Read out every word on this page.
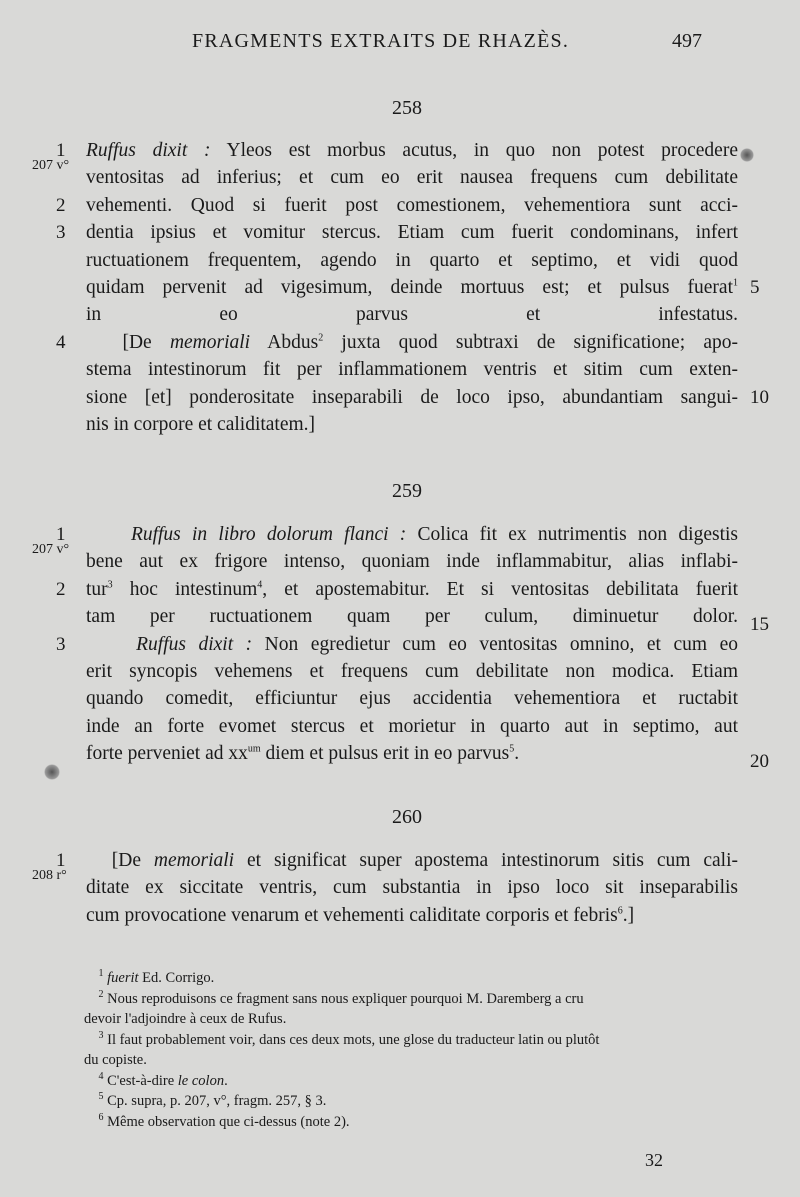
FRAGMENTS EXTRAITS DE RHAZÈS.	497
258
Ruffus dixit : Yleos est morbus acutus, in quo non potest procedere
ventositas ad inferius; et cum eo erit nausea frequens cum debilitate
vehementi. Quod si fuerit post comestionem, vehementiora sunt acci-
dentia ipsius et vomitur stercus. Etiam cum fuerit condominans, infert
ructuationem frequentem, agendo in quarto et septimo, et vidi quod
quidam pervenit ad vigesimum, deinde mortuus est; et pulsus fuerat$^1$
in eo parvus et infestatus.
[De memoriali Abdus$^2$ juxta quod subtraxi de significatione; apo-
stema intestinorum fit per inflammationem ventris et sitim cum exten-
sione [et] ponderositate inseparabili de loco ipso, abundantiam sangui-
nis in corpore et caliditatem.]
1
207 v°
2
3
4
5
10
259
Ruffus in libro dolorum flanci : Colica fit ex nutrimentis non digestis
bene aut ex frigore intenso, quoniam inde inflammabitur, alias inflabi-
tur$^3$ hoc intestinum$^4$, et apostemabitur. Et si ventositas debilitata fuerit
tam per ructuationem quam per culum, diminuetur dolor.
Ruffus dixit : Non egredietur cum eo ventositas omnino, et cum eo
erit syncopis vehemens et frequens cum debilitate non modica. Etiam
quando comedit, efficiuntur ejus accidentia vehementiora et ructabit
inde an forte evomet stercus et morietur in quarto aut in septimo, aut
forte perveniet ad $xx^{um}$ diem et pulsus erit in eo parvus$^5$.
1
207 v°
2
3
15
20
260
[De memoriali et significat super apostema intestinorum sitis cum cali-
ditate ex siccitate ventris, cum substantia in ipso loco sit inseparabilis
cum provocatione venarum et vehementi caliditate corporis et febris$^6$.]
1
208 r°
$^1$ fuerit Ed. Corrigo.
$^2$ Nous reproduisons ce fragment sans nous expliquer pourquoi M. Daremberg a cru
devoir l'adjoindre à ceux de Rufus.
$^3$ Il faut probablement voir, dans ces deux mots, une glose du traducteur latin ou plutôt
du copiste.
$^4$ C'est-à-dire le colon.
$^5$ Cp. supra, p. 207, v°, fragm. 257, § 3.
$^6$ Même observation que ci-dessus (note 2).
32
